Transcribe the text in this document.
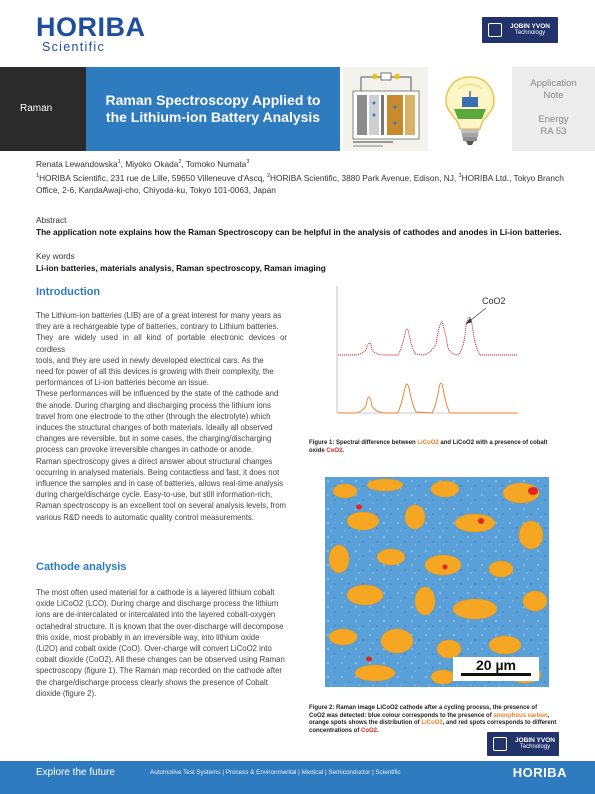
HORIBA
Scientific
JOBIN YVON
Technology
Raman
Raman Spectroscopy Applied to
the Lithium-ion Battery Analysis
Application
Note
Energy
RA 53
Renata Lewandowska$^1$, Miyoko Okada$^2$, Tomoko Numata$^3$
$^1$HORIBA Scientific, 231 rue de Lille, 59650 Villeneuve d'Ascq, $^2$HORIBA Scientific, 3880 Park Avenue, Edison, NJ, $^3$HORIBA Ltd., Tokyo Branch
Office, 2-6, KandaAwaji-cho, Chiyoda-ku, Tokyo 101-0063, Japan
Abstract
The application note explains how the Raman Spectroscopy can be helpful in the analysis of cathodes and anodes in Li-ion batteries.
Key words
Li-ion batteries, materials analysis, Raman spectroscopy, Raman imaging
Introduction
The Lithium-ion batteries (LIB) are of a great interest for many years as
they are a rechargeable type of batteries, contrary to Lithium batteries.
They are widely used in all kind of portable electronic devices or cordless
tools, and they are used in newly developed electrical cars. As the
need for power of all this devices is growing with their complexity, the
performances of Li-ion batteries become an issue.
These performances will be influenced by the state of the cathode and
the anode. During charging and discharging process the lithium ions
travel from one electrode to the other (through the electrolyte) which
induces the structural changes of both materials. Ideally all observed
changes are reversible, but in some cases, the charging/discharging
process can provoke irreversible changes in cathode or anode.
Raman spectroscopy gives a direct answer about structural changes
occurring in analysed materials. Being contactless and fast, it does not
influence the samples and in case of batteries, allows real-time analysis
during charge/discharge cycle. Easy-to-use, but still information-rich,
Raman spectroscopy is an excellent tool on several analysis levels, from
various R&D needs to automatic quality control measurements.
Cathode analysis
The most often used material for a cathode is a layered lithium cobalt
oxide LiCoO2 (LCO). During charge and discharge process the lithium
ions are de-intercalated or intercalated into the layered cobalt-oxygen
octahedral structure. It is known that the over-discharge will decompose
this oxide, most probably in an irreversible way, into lithium oxide
(Li2O) and cobalt oxide (CoO). Over-charge will convert LiCoO2 into
cobalt dioxide (CoO2). All these changes can be observed using Raman
spectroscopy (figure 1). The Raman map recorded on the cathode after
the charge/discharge process clearly shows the presence of Cobalt
dioxide (figure 2).
CoO2
Figure 1: Spectral difference between LiCoO2 and LiCoO2 with a presence of cobalt
oxide CoO2.
20 µm
Figure 2: Raman image LiCoO2 cathode after a cycling process, the presence of
CoO2 was detected: blue colour corresponds to the presence of amorphous carbon,
orange spots shows the distribution of LiCoO2, and red spots corresponds to different
concentrations of CoO2.
JOBIN YVON
Technology
Explore the future	Automotive Test Systems | Process & Environmental | Medical | Semiconductor | Scientific	HORIBA
